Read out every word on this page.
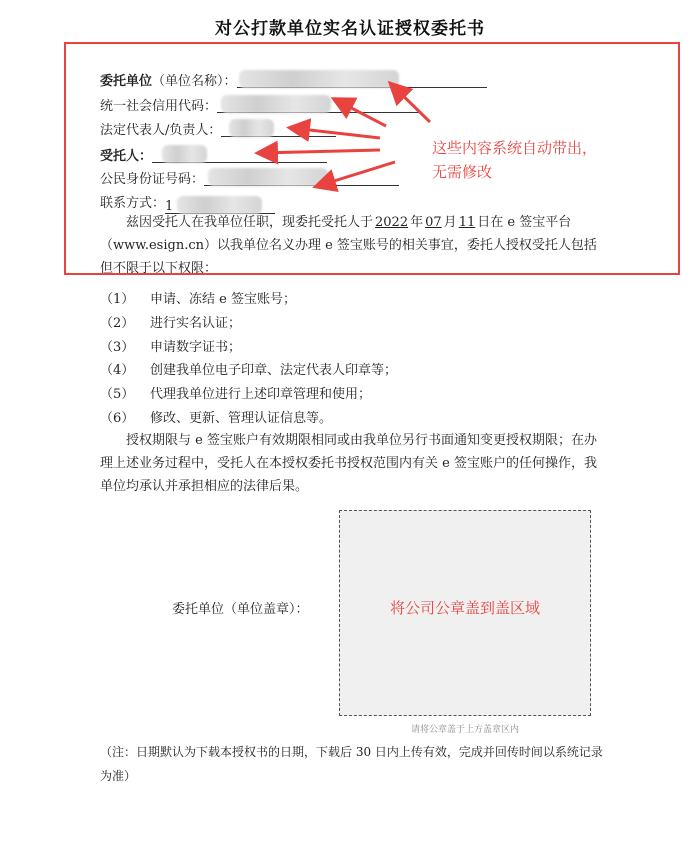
对公打款单位实名认证授权委托书
委托单位（单位名称）：
统一社会信用代码：
法定代表人/负责人：
受托人：
公民身份证号码：
联系方式：1
兹因受托人在我单位任职，现委托受托人于 2022 年 07 月 11 日在 e 签宝平台（www.esign.cn）以我单位名义办理 e 签宝账号的相关事宜，委托人授权受托人包括但不限于以下权限：
这些内容系统自动带出，
无需修改
（1） 申请、冻结 e 签宝账号；
（2） 进行实名认证；
（3） 申请数字证书；
（4） 创建我单位电子印章、法定代表人印章等；
（5） 代理我单位进行上述印章管理和使用；
（6） 修改、更新、管理认证信息等。
授权期限与 e 签宝账户有效期限相同或由我单位另行书面通知变更授权期限；在办理上述业务过程中，受托人在本授权委托书授权范围内有关 e 签宝账户的任何操作，我单位均承认并承担相应的法律后果。
委托单位（单位盖章）：	将公司公章盖到盖区域
请将公章盖于上方盖章区内
（注：日期默认为下载本授权书的日期，下载后 30 日内上传有效，完成并回传时间以系统记录为准）
